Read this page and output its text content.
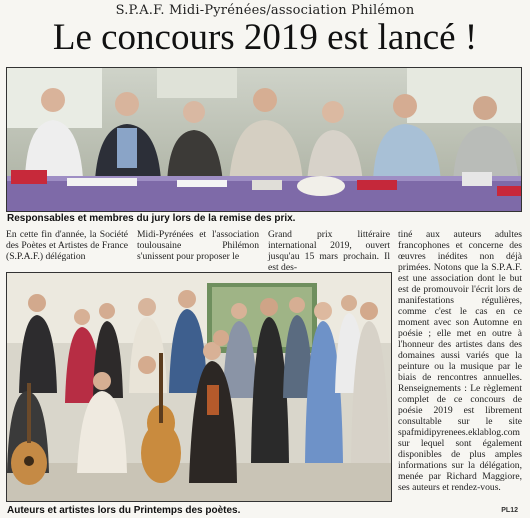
S.P.A.F. Midi-Pyrénées/association Philémon
Le concours 2019 est lancé !
Responsables et membres du jury lors de la remise des prix.

En cette fin d'année, la Société des Poètes et Artistes de France (S.P.A.F.) délégation

Midi-Pyrénées et l'association toulousaine Philémon s'unissent pour proposer le

Grand prix littéraire international 2019, ouvert jusqu'au 15 mars prochain. Il est des-

tiné aux auteurs adultes francophones et concerne des œuvres inédites non déjà primées. Notons que la S.P.A.F. est une association dont le but est de promouvoir l'écrit lors de manifestations régulières, comme c'est le cas en ce moment avec son Automne en poésie ; elle met en outre à l'honneur des artistes dans des domaines aussi variés que la peinture ou la musique par le biais de rencontres annuelles. Renseignements : Le règlement complet de ce concours de poésie 2019 est librement consultable sur le site spafmidipyrenees.eklablog.com sur lequel sont également disponibles de plus amples informations sur la délégation, menée par Richard Maggiore, ses auteurs et rendez-vous.

Auteurs et artistes lors du Printemps des poètes.	PL12
